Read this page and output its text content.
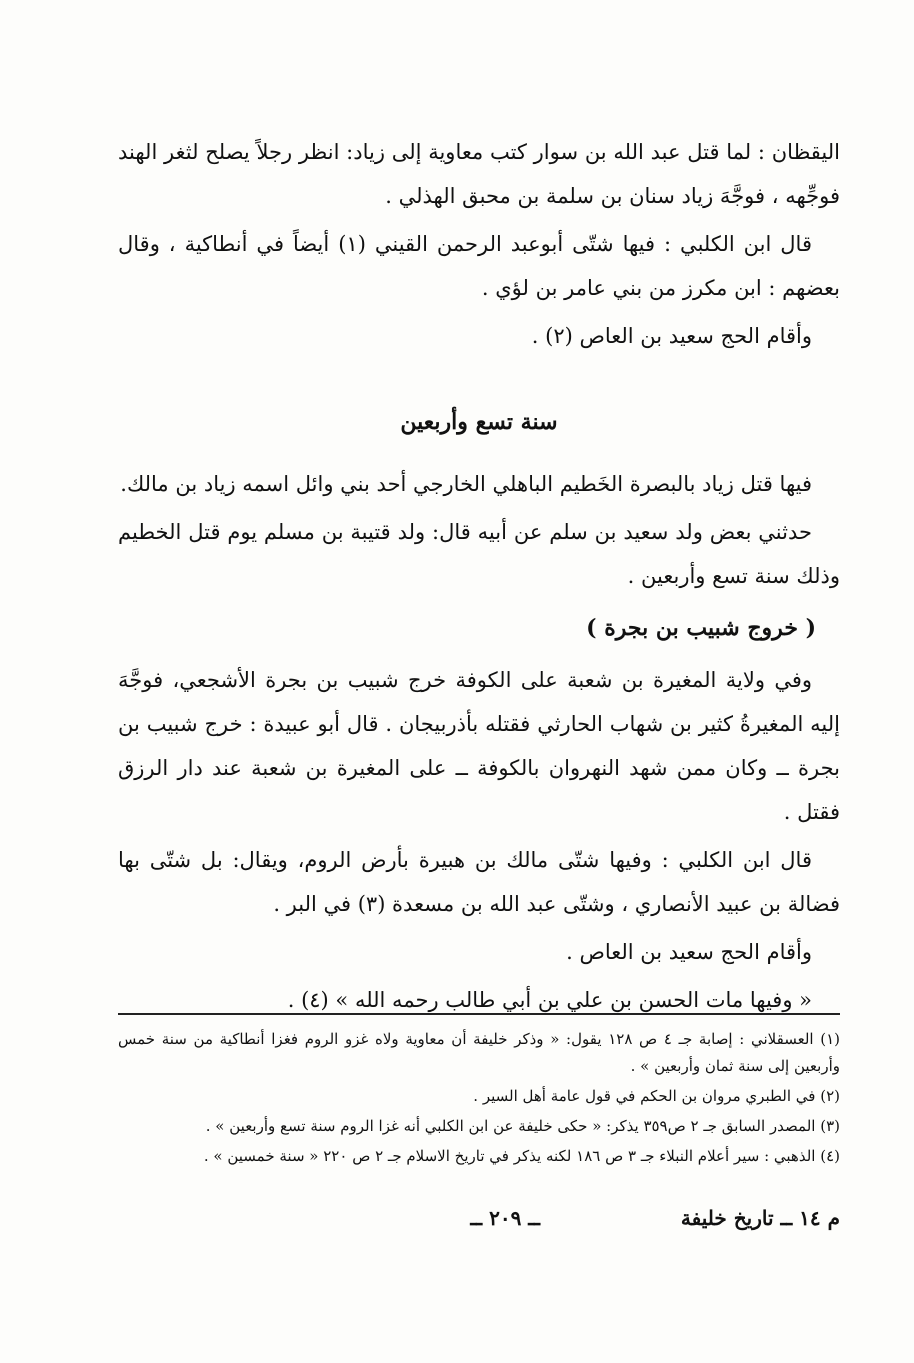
اليقظان : لما قتل عبد الله بن سوار كتب معاوية إلى زياد: انظر رجلاً يصلح لثغر الهند فوجِّهه ، فوجَّهَ زياد سنان بن سلمة بن محبق الهذلي .

قال ابن الكلبي : فيها شتّى أبوعبد الرحمن القيني (١) أيضاً في أنطاكية ، وقال بعضهم : ابن مكرز من بني عامر بن لؤي .

وأقام الحج سعيد بن العاص (٢) .

سنة تسع وأربعين

فيها قتل زياد بالبصرة الخَطيم الباهلي الخارجي أحد بني وائل اسمه زياد بن مالك.

حدثني بعض ولد سعيد بن سلم عن أبيه قال: ولد قتيبة بن مسلم يوم قتل الخطيم وذلك سنة تسع وأربعين .

( خروج شبيب بن بجرة )

وفي ولاية المغيرة بن شعبة على الكوفة خرج شبيب بن بجرة الأشجعي، فوجَّهَ إليه المغيرةُ كثير بن شهاب الحارثي فقتله بأذربيجان . قال أبو عبيدة : خرج شبيب بن بجرة ــ وكان ممن شهد النهروان بالكوفة ــ على المغيرة بن شعبة عند دار الرزق فقتل .

قال ابن الكلبي : وفيها شتّى مالك بن هبيرة بأرض الروم، ويقال: بل شتّى بها فضالة بن عبيد الأنصاري ، وشتّى عبد الله بن مسعدة (٣) في البر .

وأقام الحج سعيد بن العاص .

« وفيها مات الحسن بن علي بن أبي طالب رحمه الله » (٤) .

(١) العسقلاني : إصابة جـ ٤ ص ١٢٨ يقول: « وذكر خليفة أن معاوية ولاه غزو الروم فغزا أنطاكية من سنة خمس وأربعين إلى سنة ثمان وأربعين » .

(٢) في الطبري مروان بن الحكم في قول عامة أهل السير .

(٣) المصدر السابق جـ ٢ ص٣٥٩ يذكر: « حكى خليفة عن ابن الكلبي أنه غزا الروم سنة تسع وأربعين » .

(٤) الذهبي : سير أعلام النبلاء جـ ٣ ص ١٨٦ لكنه يذكر في تاريخ الاسلام جـ ٢ ص ٢٢٠ « سنة خمسين » .

م ١٤ ــ تاريخ خليفة
ــ ٢٠٩ ــ
